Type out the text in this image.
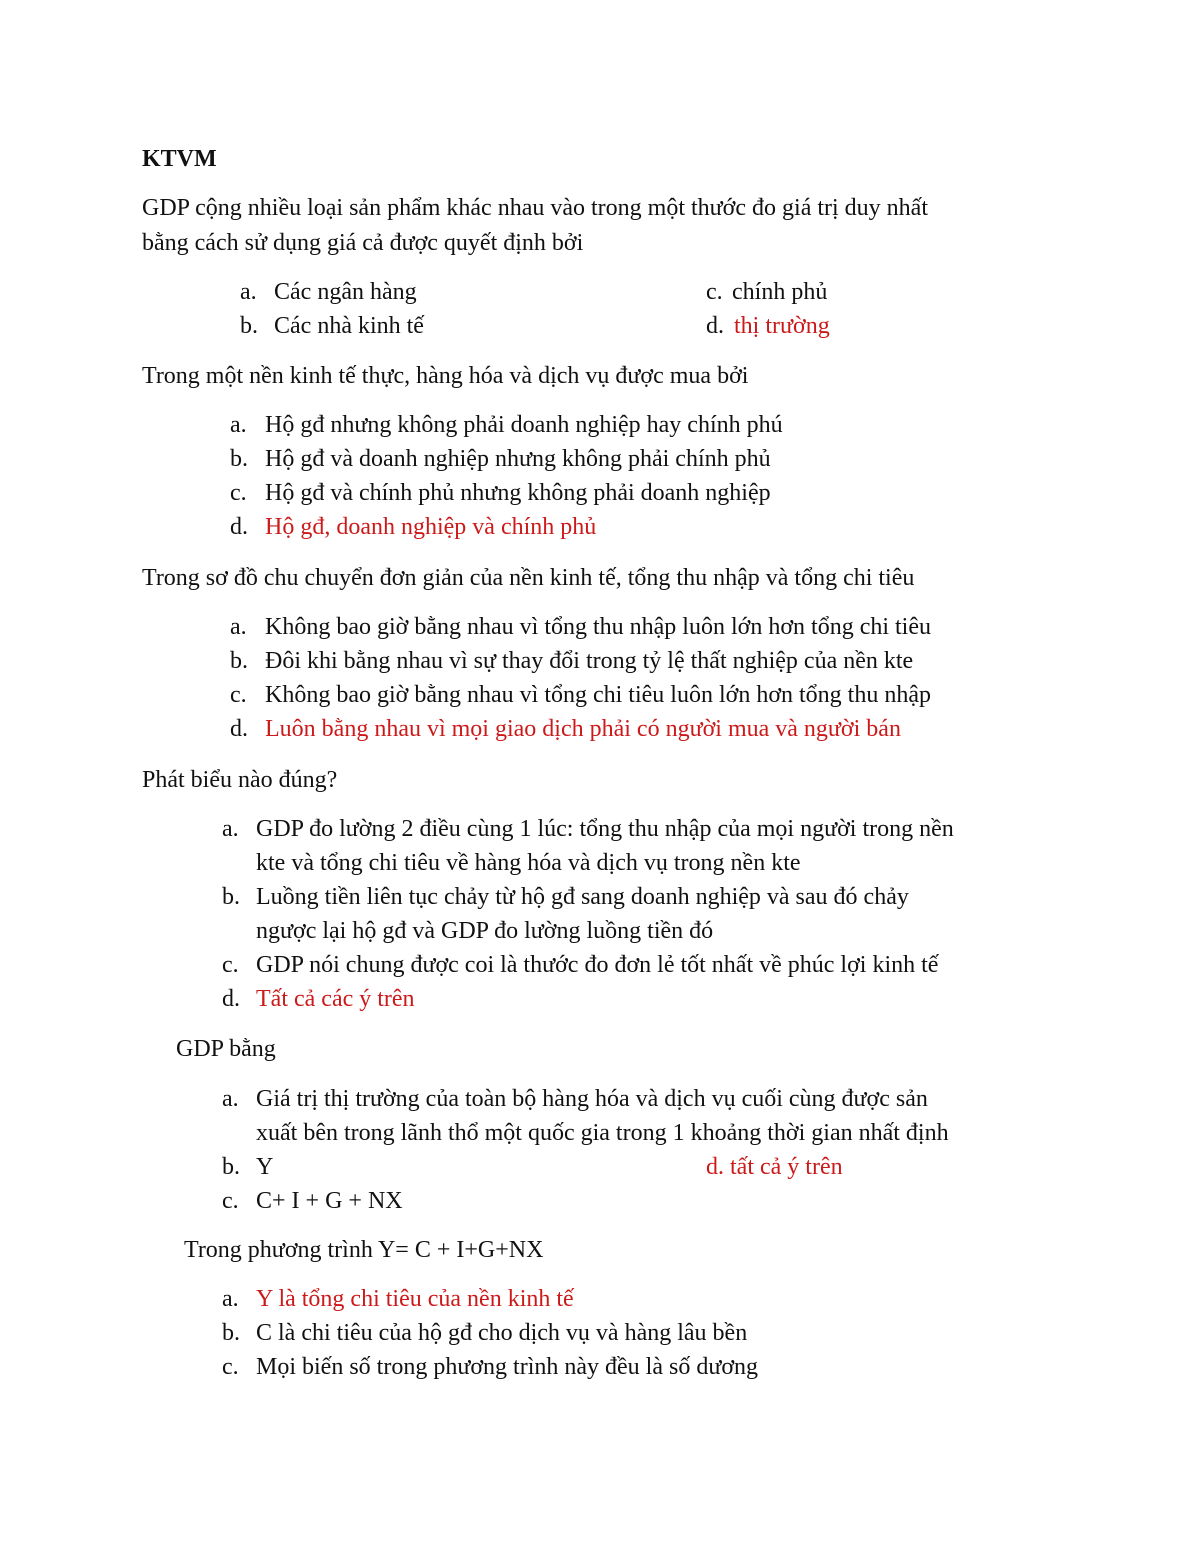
KTVM
GDP cộng nhiều loại sản phẩm khác nhau vào trong một thước đo giá trị duy nhất
bằng cách sử dụng giá cả được quyết định bởi
a. Các ngân hàng
b. Các nhà kinh tế
c. chính phủ
d. thị trường
Trong một nền kinh tế thực, hàng hóa và dịch vụ được mua bởi
a. Hộ gđ nhưng không phải doanh nghiệp hay chính phú
b. Hộ gđ và doanh nghiệp nhưng không phải chính phủ
c. Hộ gđ và chính phủ nhưng không phải doanh nghiệp
d. Hộ gđ, doanh nghiệp và chính phủ
Trong sơ đồ chu chuyển đơn giản của nền kinh tế, tổng thu nhập và tổng chi tiêu
a. Không bao giờ bằng nhau vì tổng thu nhập luôn lớn hơn tổng chi tiêu
b. Đôi khi bằng nhau vì sự thay đổi trong tỷ lệ thất nghiệp của nền kte
c. Không bao giờ bằng nhau vì tổng chi tiêu luôn lớn hơn tổng thu nhập
d. Luôn bằng nhau vì mọi giao dịch phải có người mua và người bán
Phát biểu nào đúng?
a. GDP đo lường 2 điều cùng 1 lúc: tổng thu nhập của mọi người trong nền
kte và tổng chi tiêu về hàng hóa và dịch vụ trong nền kte
b. Luồng tiền liên tục chảy từ hộ gđ sang doanh nghiệp và sau đó chảy
ngược lại hộ gđ và GDP đo lường luồng tiền đó
c. GDP nói chung được coi là thước đo đơn lẻ tốt nhất về phúc lợi kinh tế
d. Tất cả các ý trên
GDP bằng
a. Giá trị thị trường của toàn bộ hàng hóa và dịch vụ cuối cùng được sản
xuất bên trong lãnh thổ một quốc gia trong 1 khoảng thời gian nhất định
b. Y
c. C+ I + G + NX
d. tất cả ý trên
Trong phương trình Y= C + I+G+NX
a. Y là tổng chi tiêu của nền kinh tế
b. C là chi tiêu của hộ gđ cho dịch vụ và hàng lâu bền
c. Mọi biến số trong phương trình này đều là số dương
